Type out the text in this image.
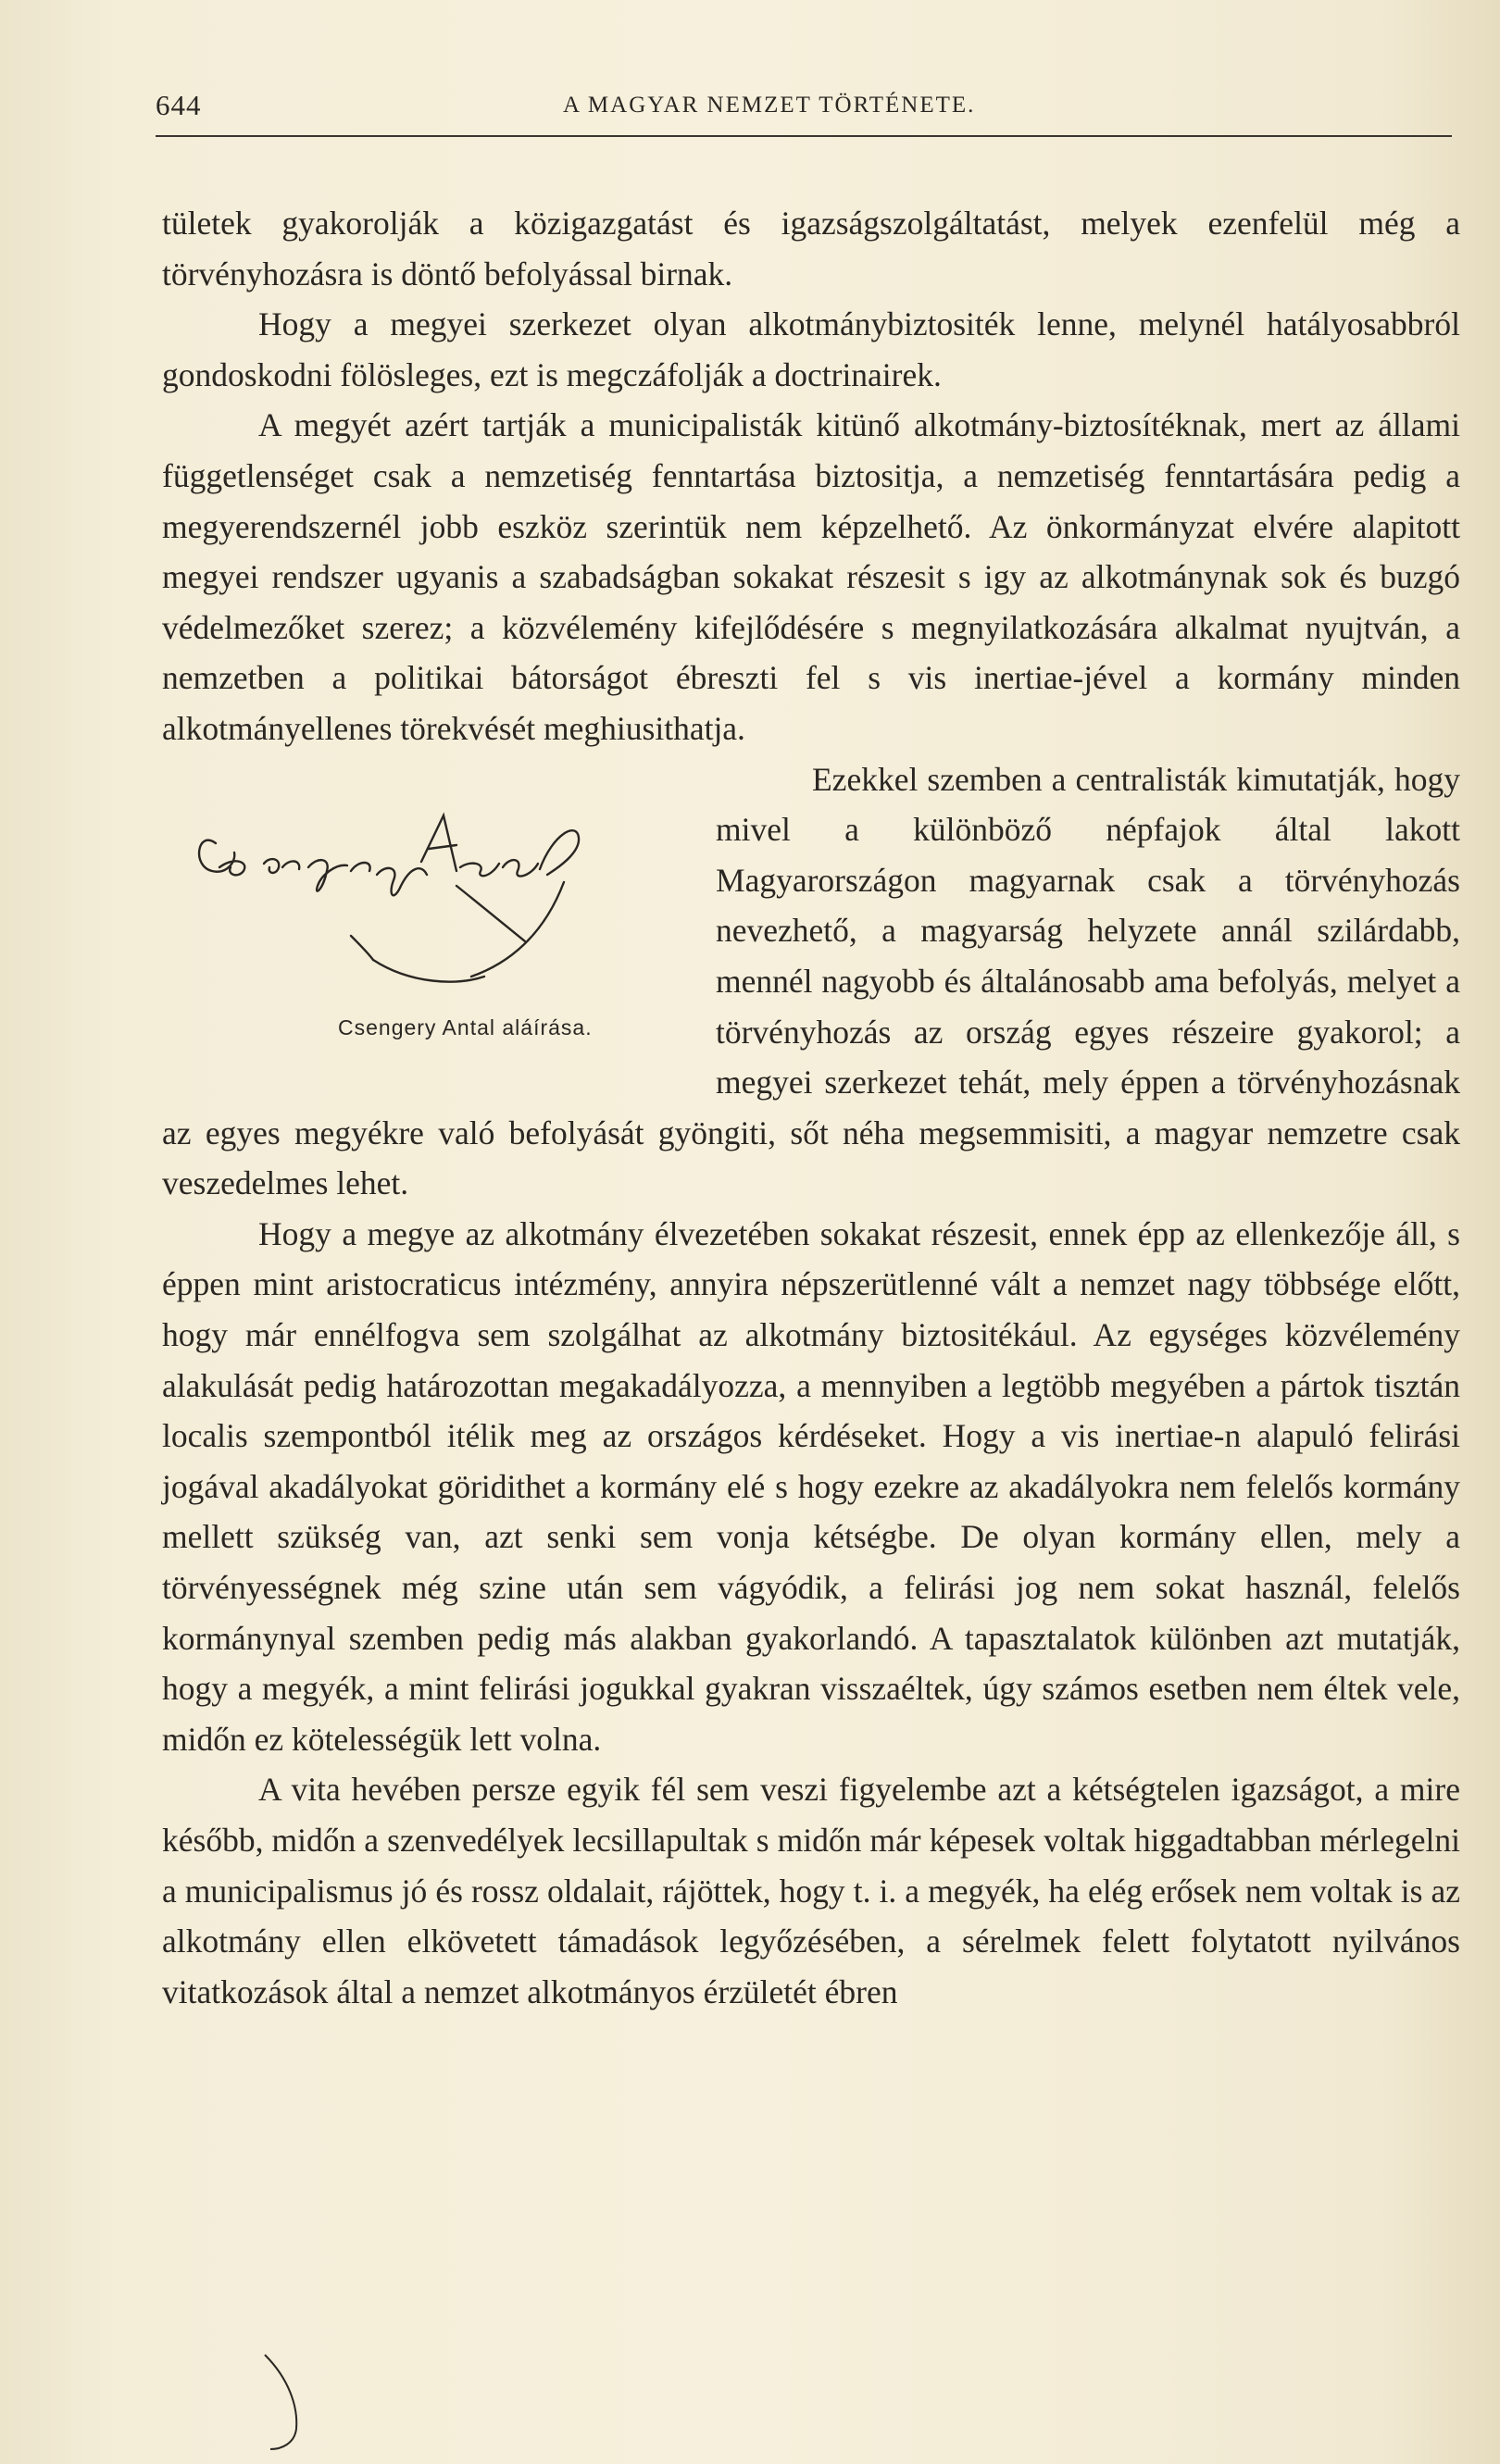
644	A MAGYAR NEMZET TÖRTÉNETE.

tületek gyakorolják a közigazgatást és igazságszolgáltatást, melyek ezenfelül még a törvényhozásra is döntő befolyással birnak.

Hogy a megyei szerkezet olyan alkotmánybiztositék lenne, melynél hatályosabbról gondoskodni fölösleges, ezt is megczáfolják a doctrinairek.

A megyét azért tartják a municipalisták kitünő alkotmány-biztosítéknak, mert az állami függetlenséget csak a nemzetiség fenntartása biztositja, a nemzetiség fenntartására pedig a megyerendszernél jobb eszköz szerintük nem képzelhető. Az önkormányzat elvére alapitott megyei rendszer ugyanis a szabadságban sokakat részesit s igy az alkotmánynak sok és buzgó védelmezőket szerez; a közvélemény kifejlődésére s megnyilatkozására alkalmat nyujtván, a nemzetben a politikai bátorságot ébreszti fel s vis inertiae-jével a kormány minden alkotmányellenes törekvését meghiusithatja.

Csengery Antal aláírása.
Ezekkel szemben a centralisták kimutatják, hogy mivel a különböző népfajok által lakott Magyarországon magyarnak csak a törvényhozás nevezhető, a magyarság helyzete annál szilárdabb, mennél nagyobb és általánosabb ama befolyás, melyet a törvényhozás az ország egyes részeire gyakorol; a megyei szerkezet tehát, mely éppen a törvényhozásnak az egyes megyékre való befolyását gyöngiti, sőt néha megsemmisiti, a magyar nemzetre csak veszedelmes lehet.

Hogy a megye az alkotmány élvezetében sokakat részesit, ennek épp az ellenkezője áll, s éppen mint aristocraticus intézmény, annyira népszerütlenné vált a nemzet nagy többsége előtt, hogy már ennélfogva sem szolgálhat az alkotmány biztositékául. Az egységes közvélemény alakulását pedig határozottan megakadályozza, a mennyiben a legtöbb megyében a pártok tisztán localis szempontból itélik meg az országos kérdéseket. Hogy a vis inertiae-n alapuló felirási jogával akadályokat göridithet a kormány elé s hogy ezekre az akadályokra nem felelős kormány mellett szükség van, azt senki sem vonja kétségbe. De olyan kormány ellen, mely a törvényességnek még szine után sem vágyódik, a felirási jog nem sokat használ, felelős kormánynyal szemben pedig más alakban gyakorlandó. A tapasztalatok különben azt mutatják, hogy a megyék, a mint felirási jogukkal gyakran visszaéltek, úgy számos esetben nem éltek vele, midőn ez kötelességük lett volna.

A vita hevében persze egyik fél sem veszi figyelembe azt a kétségtelen igazságot, a mire később, midőn a szenvedélyek lecsillapultak s midőn már képesek voltak higgadtabban mérlegelni a municipalismus jó és rossz oldalait, rájöttek, hogy t. i. a megyék, ha elég erősek nem voltak is az alkotmány ellen elkövetett támadások legyőzésében, a sérelmek felett folytatott nyilvános vitatkozások által a nemzet alkotmányos érzületét ébren
